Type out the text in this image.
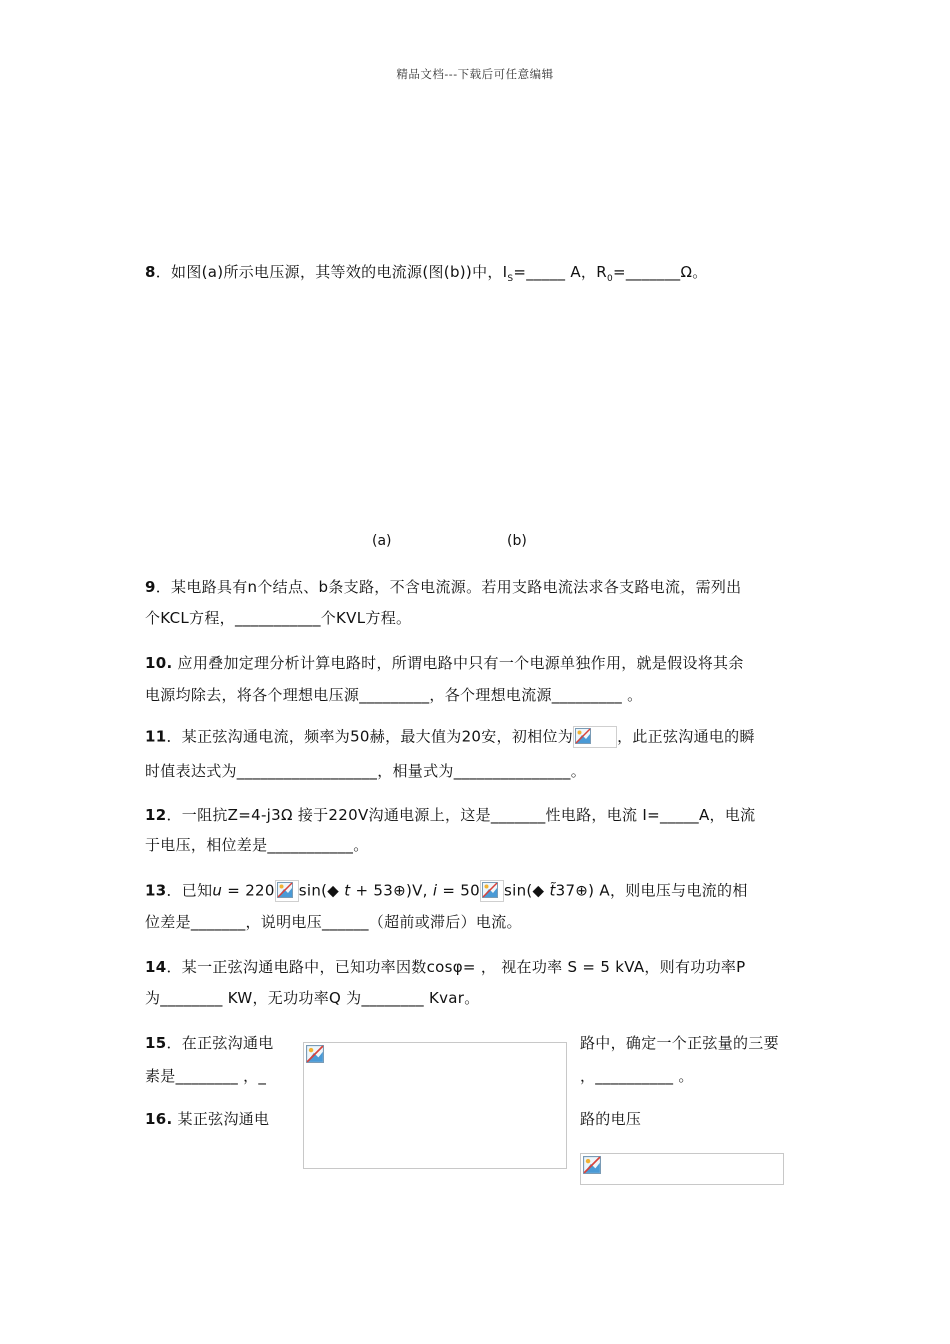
精品文档---下载后可任意编辑
8．如图(a)所示电压源，其等效的电流源(图(b))中，$I_S=\_\_\_\_\_$ A，$R_0=\_\_\_\_\_\_\_\Omega$。
(a)	(b)
9．某电路具有n个结点、b条支路，不含电流源。若用支路电流法求各支路电流，需列出
个KCL方程，___________个KVL方程。
10. 应用叠加定理分析计算电路时，所谓电路中只有一个电源单独作用，就是假设将其余
电源均除去，将各个理想电压源_________，各个理想电流源_________ 。
11．某正弦沟通电流，频率为50赫，最大值为20安，初相位为	，此正弦沟通电的瞬
时值表达式为__________________，相量式为_______________。
12．一阻抗Z=4-j3Ω 接于220V沟通电源上，这是_______性电路，电流 I=_____A，电流
于电压，相位差是___________。
13．已知u = 220 sin(◆ t + 53⊕)V, i = 50 sin(◆ t̃37⊕) A，则电压与电流的相
位差是_______，说明电压______（超前或滞后）电流。
14．某一正弦沟通电路中，已知功率因数cosφ= ， 视在功率 S = 5 kVA，则有功功率P
为________ KW，无功功率Q 为________ Kvar。
15．在正弦沟通电
素是________ ，_
路中，确定一个正弦量的三要
，__________ 。
16. 某正弦沟通电	路的电压
